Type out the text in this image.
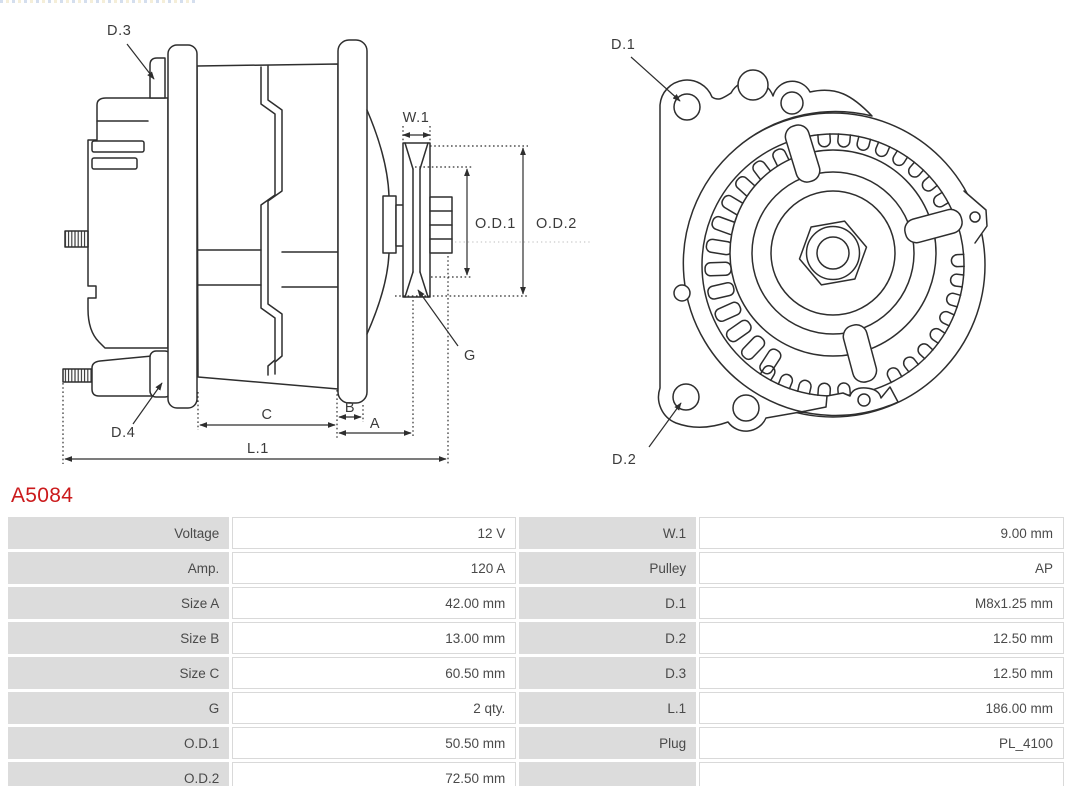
D.3
W.1
O.D.1 O.D.2
G
D.4
C	B
A
L.1
D.1
D.2
A5084
Voltage	12 V	W.1	9.00 mm
Amp.	120 A	Pulley	AP
Size A	42.00 mm	D.1	M8x1.25 mm
Size B	13.00 mm	D.2	12.50 mm
Size C	60.50 mm	D.3	12.50 mm
G	2 qty.	L.1	186.00 mm
O.D.1	50.50 mm	Plug	PL_4100
O.D.2	72.50 mm		
